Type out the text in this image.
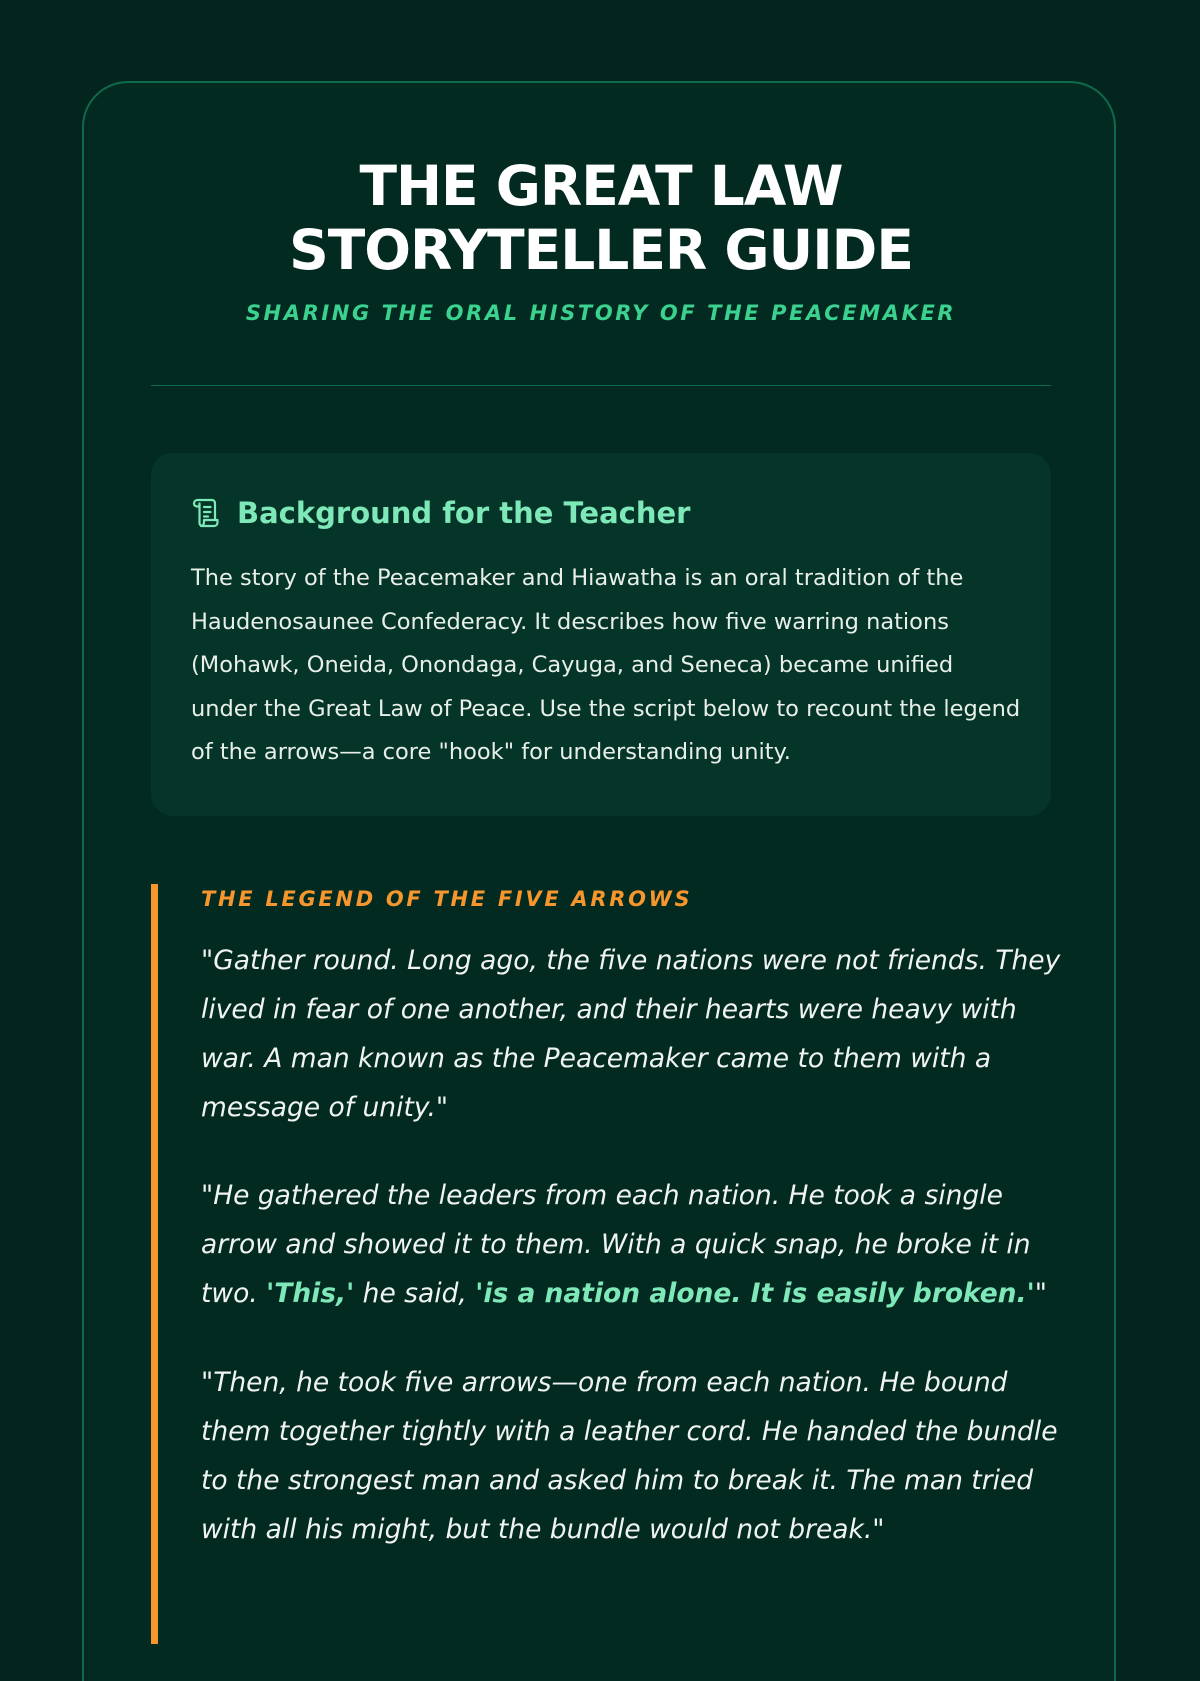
THE GREAT LAW
STORYTELLER GUIDE
SHARING THE ORAL HISTORY OF THE PEACEMAKER
Background for the Teacher

The story of the Peacemaker and Hiawatha is an oral tradition of the Haudenosaunee Confederacy. It describes how five warring nations (Mohawk, Oneida, Onondaga, Cayuga, and Seneca) became unified under the Great Law of Peace. Use the script below to recount the legend of the arrows—a core "hook" for understanding unity.

THE LEGEND OF THE FIVE ARROWS

"Gather round. Long ago, the five nations were not friends. They lived in fear of one another, and their hearts were heavy with war. A man known as the Peacemaker came to them with a message of unity."

"He gathered the leaders from each nation. He took a single arrow and showed it to them. With a quick snap, he broke it in two. 'This,' he said, 'is a nation alone. It is easily broken.'"

"Then, he took five arrows—one from each nation. He bound them together tightly with a leather cord. He handed the bundle to the strongest man and asked him to break it. The man tried with all his might, but the bundle would not break."
